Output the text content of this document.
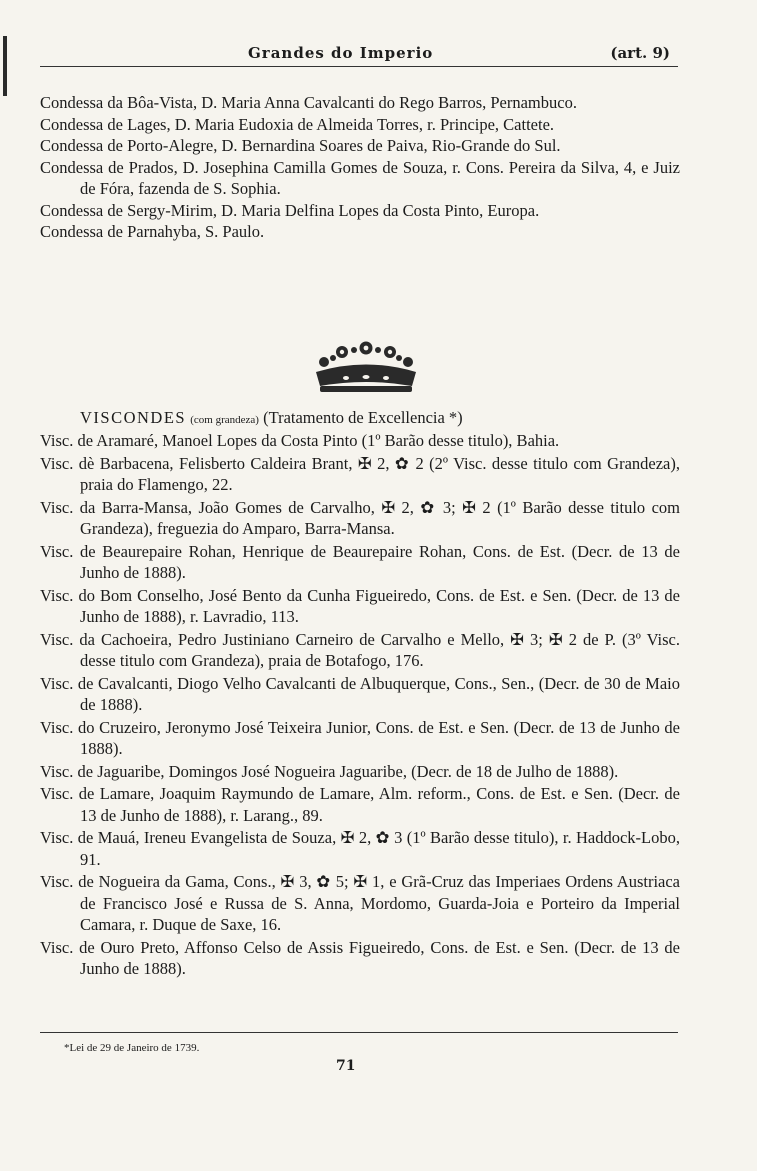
Grandes do Imperio	(art. 9)

Condessa da Bôa-Vista, D. Maria Anna Cavalcanti do Rego Barros, Pernambuco.

Condessa de Lages, D. Maria Eudoxia de Almeida Torres, r. Principe, Cattete.

Condessa de Porto-Alegre, D. Bernardina Soares de Paiva, Rio-Grande do Sul.

Condessa de Prados, D. Josephina Camilla Gomes de Souza, r. Cons. Pereira da Silva, 4, e Juiz de Fóra, fazenda de S. Sophia.

Condessa de Sergy-Mirim, D. Maria Delfina Lopes da Costa Pinto, Europa.

Condessa de Parnahyba, S. Paulo.

VISCONDES (com grandeza) (Tratamento de Excellencia *)

Visc. de Aramaré, Manoel Lopes da Costa Pinto (1º Barão desse titulo), Bahia.

Visc. dè Barbacena, Felisberto Caldeira Brant, ✠ 2, ✿ 2 (2º Visc. desse titulo com Grandeza), praia do Flamengo, 22.

Visc. da Barra-Mansa, João Gomes de Carvalho, ✠ 2, ✿ 3; ✠ 2 (1º Barão desse titulo com Grandeza), freguezia do Amparo, Barra-Mansa.

Visc. de Beaurepaire Rohan, Henrique de Beaurepaire Rohan, Cons. de Est. (Decr. de 13 de Junho de 1888).

Visc. do Bom Conselho, José Bento da Cunha Figueiredo, Cons. de Est. e Sen. (Decr. de 13 de Junho de 1888), r. Lavradio, 113.

Visc. da Cachoeira, Pedro Justiniano Carneiro de Carvalho e Mello, ✠ 3; ✠ 2 de P. (3º Visc. desse titulo com Grandeza), praia de Botafogo, 176.

Visc. de Cavalcanti, Diogo Velho Cavalcanti de Albuquerque, Cons., Sen., (Decr. de 30 de Maio de 1888).

Visc. do Cruzeiro, Jeronymo José Teixeira Junior, Cons. de Est. e Sen. (Decr. de 13 de Junho de 1888).

Visc. de Jaguaribe, Domingos José Nogueira Jaguaribe, (Decr. de 18 de Julho de 1888).

Visc. de Lamare, Joaquim Raymundo de Lamare, Alm. reform., Cons. de Est. e Sen. (Decr. de 13 de Junho de 1888), r. Larang., 89.

Visc. de Mauá, Ireneu Evangelista de Souza, ✠ 2, ✿ 3 (1º Barão desse titulo), r. Haddock-Lobo, 91.

Visc. de Nogueira da Gama, Cons., ✠ 3, ✿ 5; ✠ 1, e Grã-Cruz das Imperiaes Ordens Austriaca de Francisco José e Russa de S. Anna, Mordomo, Guarda-Joia e Porteiro da Imperial Camara, r. Duque de Saxe, 16.

Visc. de Ouro Preto, Affonso Celso de Assis Figueiredo, Cons. de Est. e Sen. (Decr. de 13 de Junho de 1888).

*Lei de 29 de Janeiro de 1739.
71
